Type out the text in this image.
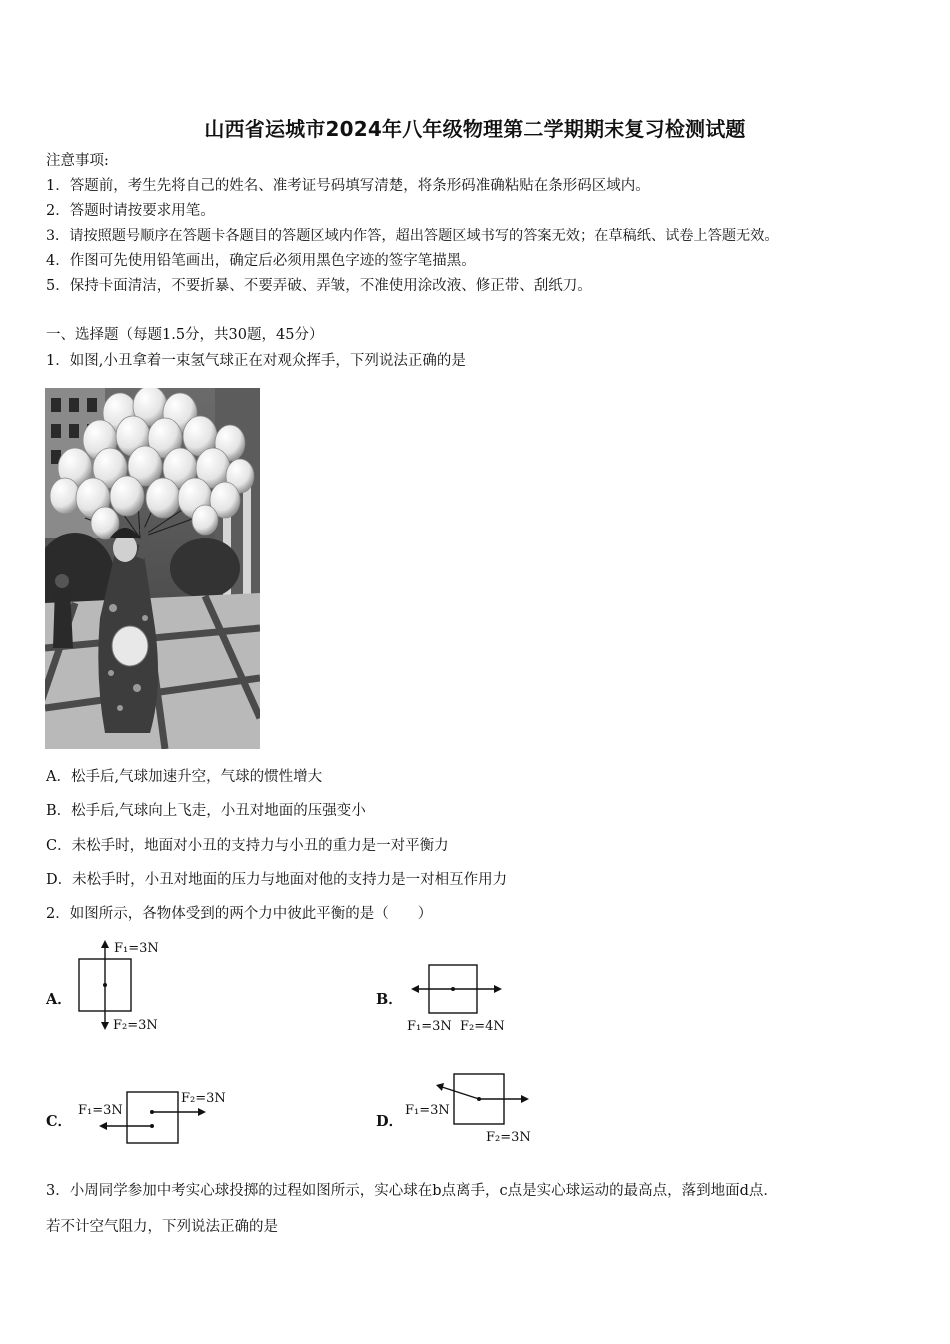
山西省运城市2024年八年级物理第二学期期末复习检测试题
注意事项:
1．答题前，考生先将自己的姓名、准考证号码填写清楚，将条形码准确粘贴在条形码区域内。
2．答题时请按要求用笔。
3．请按照题号顺序在答题卡各题目的答题区域内作答，超出答题区域书写的答案无效；在草稿纸、试卷上答题无效。
4．作图可先使用铅笔画出，确定后必须用黑色字迹的签字笔描黑。
5．保持卡面清洁，不要折暴、不要弄破、弄皱，不准使用涂改液、修正带、刮纸刀。
一、选择题（每题1.5分，共30题，45分）
1．如图,小丑拿着一束氢气球正在对观众挥手，下列说法正确的是
A．松手后,气球加速升空，气球的惯性增大
B．松手后,气球向上飞走，小丑对地面的压强变小
C．未松手时，地面对小丑的支持力与小丑的重力是一对平衡力
D．未松手时，小丑对地面的压力与地面对他的支持力是一对相互作用力
2．如图所示，各物体受到的两个力中彼此平衡的是（　　）
A．
F₁=3N
F₂=3N
B．
F₁=3N F₂=4N
C．
F₁=3N
F₂=3N
D．
F₁=3N
F₂=3N
3．小周同学参加中考实心球投掷的过程如图所示，实心球在b点离手，c点是实心球运动的最高点，落到地面d点．
若不计空气阻力，下列说法正确的是
